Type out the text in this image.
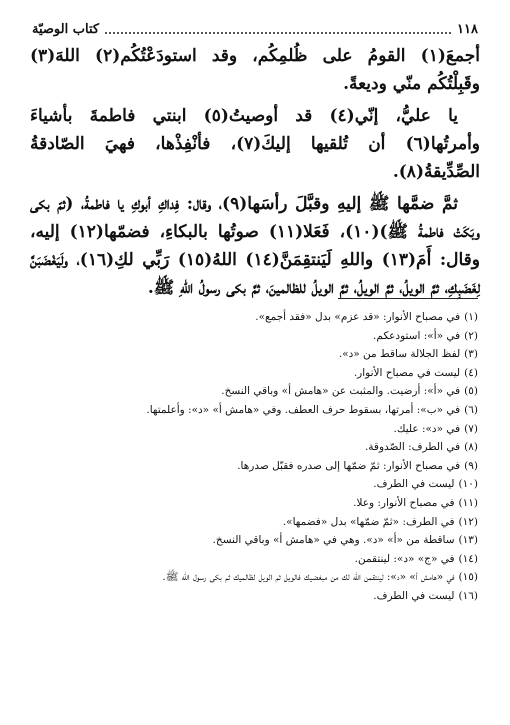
١١٨
كتاب الوصيّة

أجمعَ(١) القومُ على ظُلمِكُم، وقد استودَعْتُكُم(٢) اللهَ(٣) وقَبِلْتُكُم منّي وديعةً.

يا عليُّ، إنّي(٤) قد أوصيتُ(٥) ابنتي فاطمةَ بأشياءَ وأمرتُها(٦) أن تُلقيها إليكَ(٧)، فأنْفِذْها، فهيَ الصّادقةُ الصِّدِّيقةُ(٨).

ثمَّ ضمَّها ﷺ إليهِ وقبَّلَ رأسَها(٩)، وقال: فِداكِ أبوكِ يا فاطمةُ، (ثمّ بكى وبَكَتْ فاطمةُ ﷺ)(١٠)، فَعَلا(١١) صوتُها بالبكاءِ، فضمّها(١٢) إليه، وقال: أَمَ(١٣) واللهِ لَيَنتقِمَنَّ(١٤) اللهُ(١٥) رَبِّي لكِ(١٦)، ولَيَغْضَبَنَّ لِغَضَبِكِ، ثمَّ الويلُ، ثمَّ الويلُ، ثمَّ الويلُ للظالمينَ، ثمَّ بكى رسولُ اللهِ ﷺ.

(١)في مصباح الأنوار: «قد عزم» بدل «فقد أجمع».
(٢)في «أ»: استودعكم.
(٣)لفظ الجلالة ساقط من «د».
(٤)ليست في مصباح الأنوار.
(٥)في «أ»: أرضيت. والمثبت عن «هامش أ» وباقي النسخ.
(٦)في «ب»: أمرتها، بسقوط حرف العطف. وفي «هامش أ» «د»: وأعلمتها.
(٧)في «د»: عليك.
(٨)في الطرف: الصّدوقة.
(٩)في مصباح الأنوار: ثمّ ضمّها إلى صدره فقبّل صدرها.
(١٠)ليست في الطرف.
(١١)في مصباح الأنوار: وعلا.
(١٢)في الطرف: «ثمّ ضمّها» بدل «فضمها».
(١٣)ساقطة من «أ» «د». وهي في «هامش أ» وباقي النسخ.
(١٤)في «ج» «د»: لينتقمن.
(١٥)في «هامش أ» «د»: لينتقمن الله لك من مبغضيك فالويل ثم الويل لظالميك ثم بكى رسول الله ﷺ.
(١٦)ليست في الطرف.
